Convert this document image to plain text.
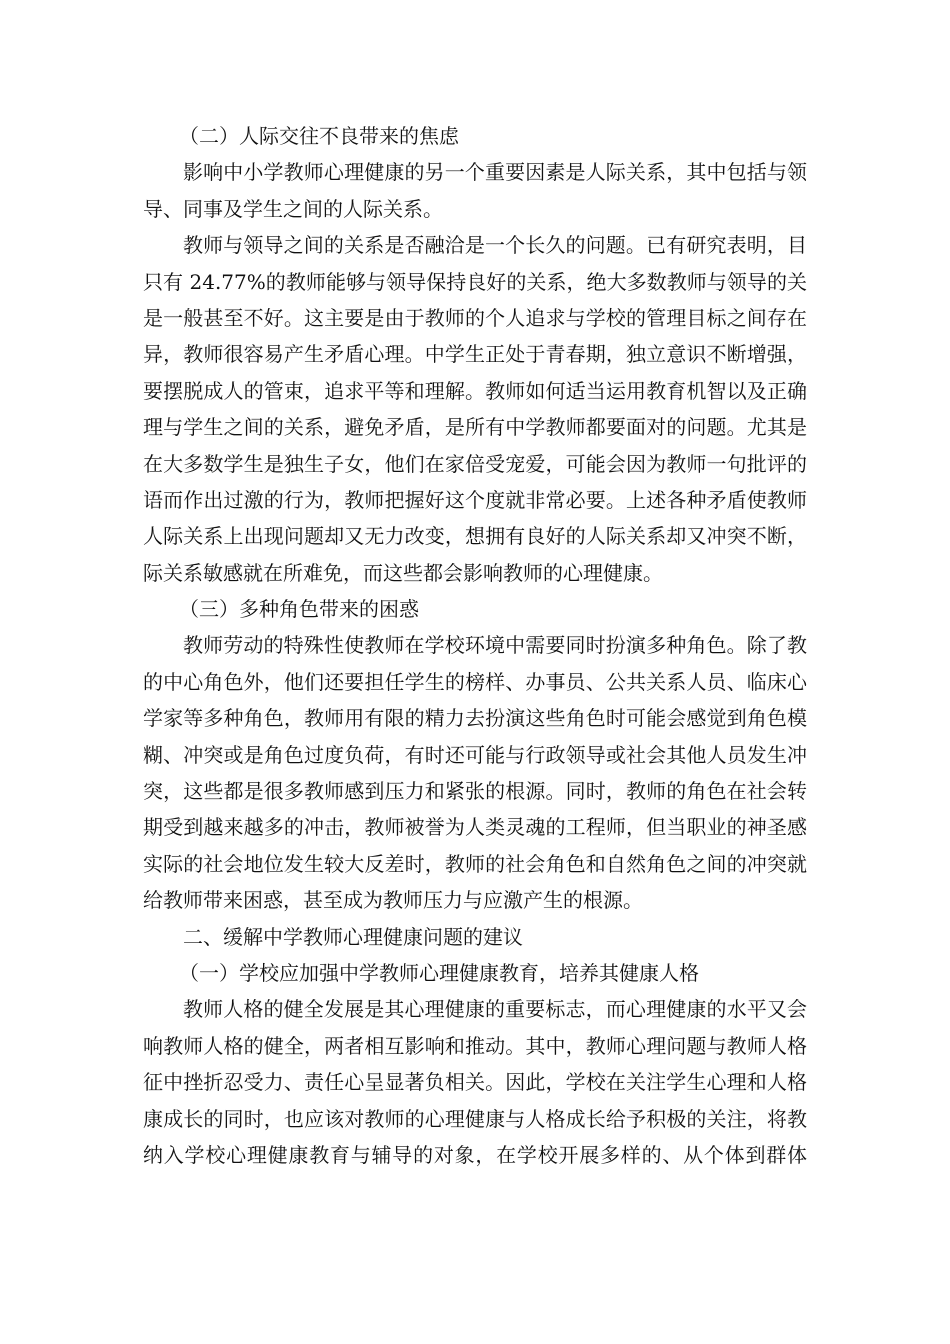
（二）人际交往不良带来的焦虑
影响中小学教师心理健康的另一个重要因素是人际关系，其中包括与领
导、同事及学生之间的人际关系。
教师与领导之间的关系是否融洽是一个长久的问题。已有研究表明，目
只有 24.77%的教师能够与领导保持良好的关系，绝大多数教师与领导的关
是一般甚至不好。这主要是由于教师的个人追求与学校的管理目标之间存在
异，教师很容易产生矛盾心理。中学生正处于青春期，独立意识不断增强，
要摆脱成人的管束，追求平等和理解。教师如何适当运用教育机智以及正确
理与学生之间的关系，避免矛盾，是所有中学教师都要面对的问题。尤其是
在大多数学生是独生子女，他们在家倍受宠爱，可能会因为教师一句批评的
语而作出过激的行为，教师把握好这个度就非常必要。上述各种矛盾使教师
人际关系上出现问题却又无力改变，想拥有良好的人际关系却又冲突不断，
际关系敏感就在所难免，而这些都会影响教师的心理健康。
（三）多种角色带来的困惑
教师劳动的特殊性使教师在学校环境中需要同时扮演多种角色。除了教
的中心角色外，他们还要担任学生的榜样、办事员、公共关系人员、临床心
学家等多种角色，教师用有限的精力去扮演这些角色时可能会感觉到角色模
糊、冲突或是角色过度负荷，有时还可能与行政领导或社会其他人员发生冲
突，这些都是很多教师感到压力和紧张的根源。同时，教师的角色在社会转
期受到越来越多的冲击，教师被誉为人类灵魂的工程师，但当职业的神圣感
实际的社会地位发生较大反差时，教师的社会角色和自然角色之间的冲突就
给教师带来困惑，甚至成为教师压力与应激产生的根源。
二、缓解中学教师心理健康问题的建议
（一）学校应加强中学教师心理健康教育，培养其健康人格
教师人格的健全发展是其心理健康的重要标志，而心理健康的水平又会
响教师人格的健全，两者相互影响和推动。其中，教师心理问题与教师人格
征中挫折忍受力、责任心呈显著负相关。因此，学校在关注学生心理和人格
康成长的同时，也应该对教师的心理健康与人格成长给予积极的关注，将教
纳入学校心理健康教育与辅导的对象，在学校开展多样的、从个体到群体
